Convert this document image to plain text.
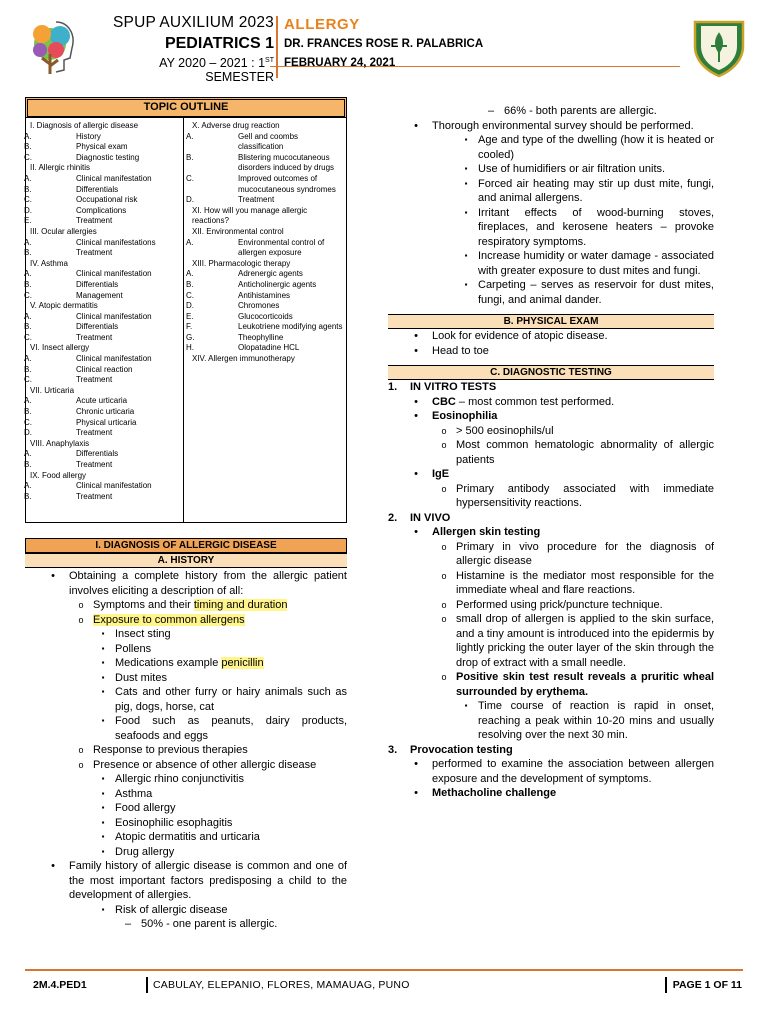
SPUP AUXILIUM 2023
PEDIATRICS 1
AY 2020 – 2021 : 1ST SEMESTER
ALLERGY
DR. FRANCES ROSE R. PALABRICA
FEBRUARY 24, 2021
TOPIC OUTLINE
I. Diagnosis of allergic disease
A.	History
B.	Physical exam
C.	Diagnostic testing
II. Allergic rhinitis
A.	Clinical manifestation
B.	Differentials
C.	Occupational risk
D.	Complications
E.	Treatment
III. Ocular allergies
A.	Clinical manifestations
B.	Treatment
IV. Asthma
A.	Clinical manifestation
B.	Differentials
C.	Management
V. Atopic dermatitis
A.	Clinical manifestation
B.	Differentials
C.	Treatment
VI. Insect allergy
A.	Clinical manifestation
B.	Clinical reaction
C.	Treatment
VII. Urticaria
A.	Acute urticaria
B.	Chronic urticaria
C.	Physical urticaria
D.	Treatment
VIII. Anaphylaxis
A.	Differentials
B.	Treatment
IX. Food allergy
A.	Clinical manifestation
B.	Treatment
X. Adverse drug reaction
A.	Gell and coombs classification
B.	Blistering mucocutaneous disorders induced by drugs
C.	Improved outcomes of mucocutaneous syndromes
D.	Treatment
XI. How will you manage allergic reactions?
XII. Environmental control
A.	Environmental control of allergen exposure
XIII. Pharmacologic therapy
A.	Adrenergic agents
B.	Anticholinergic agents
C.	Antihistamines
D.	Chromones
E.	Glucocorticoids
F.	Leukotriene modifying agents
G.	Theophylline
H.	Olopatadine HCL
XIV. Allergen immunotherapy
I. DIAGNOSIS OF ALLERGIC DISEASE
A. HISTORY
•	Obtaining a complete history from the allergic patient involves eliciting a description of all:
o Symptoms and their timing and duration
o Exposure to common allergens
▪ Insect sting
▪ Pollens
▪ Medications example penicillin
▪ Dust mites
▪ Cats and other furry or hairy animals such as pig, dogs, horse, cat
▪ Food such as peanuts, dairy products, seafoods and eggs
o Response to previous therapies
o Presence or absence of other allergic disease
▪ Allergic rhino conjunctivitis
▪ Asthma
▪ Food allergy
▪ Eosinophilic esophagitis
▪ Atopic dermatitis and urticaria
▪ Drug allergy
•	Family history of allergic disease is common and one of the most important factors predisposing a child to the development of allergies.
▪ Risk of allergic disease
– 50% - one parent is allergic.
– 66% - both parents are allergic.
•	Thorough environmental survey should be performed.
▪ Age and type of the dwelling (how it is heated or cooled)
▪ Use of humidifiers or air filtration units.
▪ Forced air heating may stir up dust mite, fungi, and animal allergens.
▪ Irritant effects of wood-burning stoves, fireplaces, and kerosene heaters – provoke respiratory symptoms.
▪ Increase humidity or water damage - associated with greater exposure to dust mites and fungi.
▪ Carpeting – serves as reservoir for dust mites, fungi, and animal dander.
B. PHYSICAL EXAM
•	Look for evidence of atopic disease.
•	Head to toe
C. DIAGNOSTIC TESTING
1.	IN VITRO TESTS
•	CBC – most common test performed.
•	Eosinophilia
o > 500 eosinophils/ul
o Most common hematologic abnormality of allergic patients
•	IgE
o Primary antibody associated with immediate hypersensitivity reactions.
2.	IN VIVO
•	Allergen skin testing
o Primary in vivo procedure for the diagnosis of allergic disease
o Histamine is the mediator most responsible for the immediate wheal and flare reactions.
o Performed using prick/puncture technique.
o small drop of allergen is applied to the skin surface, and a tiny amount is introduced into the epidermis by lightly pricking the outer layer of the skin through the drop of extract with a small needle.
o Positive skin test result reveals a pruritic wheal surrounded by erythema.
▪ Time course of reaction is rapid in onset, reaching a peak within 10-20 mins and usually resolving over the next 30 min.
3.	Provocation testing
•	performed to examine the association between allergen exposure and the development of symptoms.
•	Methacholine challenge
2M.4.PED1	CABULAY, ELEPANIO, FLORES, MAMAUAG, PUNO	PAGE 1 OF 11
